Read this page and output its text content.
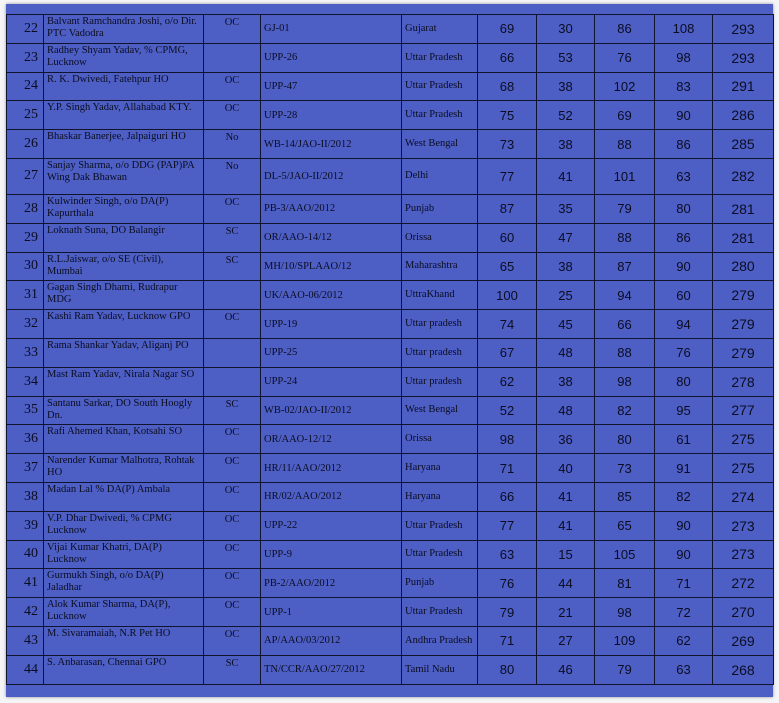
22	Balvant Ramchandra Joshi, o/o Dir. PTC Vadodra	OC	GJ-01	Gujarat	69	30	86	108	293
23	Radhey Shyam Yadav, % CPMG, Lucknow		UPP-26	Uttar Pradesh	66	53	76	98	293
24	R. K. Dwivedi, Fatehpur HO	OC	UPP-47	Uttar Pradesh	68	38	102	83	291
25	Y.P. Singh Yadav, Allahabad KTY.	OC	UPP-28	Uttar Pradesh	75	52	69	90	286
26	Bhaskar Banerjee, Jalpaiguri HO	No	WB-14/JAO-II/2012	West Bengal	73	38	88	86	285
27	Sanjay Sharma, o/o DDG (PAP)PA Wing Dak Bhawan	No	DL-5/JAO-II/2012	Delhi	77	41	101	63	282
28	Kulwinder Singh, o/o DA(P) Kapurthala	OC	PB-3/AAO/2012	Punjab	87	35	79	80	281
29	Loknath Suna, DO Balangir	SC	OR/AAO-14/12	Orissa	60	47	88	86	281
30	R.L.Jaiswar, o/o SE (Civil), Mumbai	SC	MH/10/SPLAAO/12	Maharashtra	65	38	87	90	280
31	Gagan Singh Dhami, Rudrapur MDG		UK/AAO-06/2012	UttraKhand	100	25	94	60	279
32	Kashi Ram Yadav, Lucknow GPO	OC	UPP-19	Uttar pradesh	74	45	66	94	279
33	Rama Shankar Yadav, Aliganj PO		UPP-25	Uttar pradesh	67	48	88	76	279
34	Mast Ram Yadav, Nirala Nagar SO		UPP-24	Uttar pradesh	62	38	98	80	278
35	Santanu Sarkar, DO South Hoogly Dn.	SC	WB-02/JAO-II/2012	West Bengal	52	48	82	95	277
36	Rafi Ahemed Khan, Kotsahi SO	OC	OR/AAO-12/12	Orissa	98	36	80	61	275
37	Narender Kumar Malhotra, Rohtak HO	OC	HR/11/AAO/2012	Haryana	71	40	73	91	275
38	Madan Lal % DA(P) Ambala	OC	HR/02/AAO/2012	Haryana	66	41	85	82	274
39	V.P. Dhar Dwivedi, % CPMG Lucknow	OC	UPP-22	Uttar Pradesh	77	41	65	90	273
40	Vijai Kumar Khatri, DA(P) Lucknow	OC	UPP-9	Uttar Pradesh	63	15	105	90	273
41	Gurmukh Singh, o/o DA(P) Jaladhar	OC	PB-2/AAO/2012	Punjab	76	44	81	71	272
42	Alok Kumar Sharma, DA(P), Lucknow	OC	UPP-1	Uttar Pradesh	79	21	98	72	270
43	M. Sivaramaiah, N.R Pet HO	OC	AP/AAO/03/2012	Andhra Pradesh	71	27	109	62	269
44	S. Anbarasan, Chennai GPO	SC	TN/CCR/AAO/27/2012	Tamil Nadu	80	46	79	63	268
